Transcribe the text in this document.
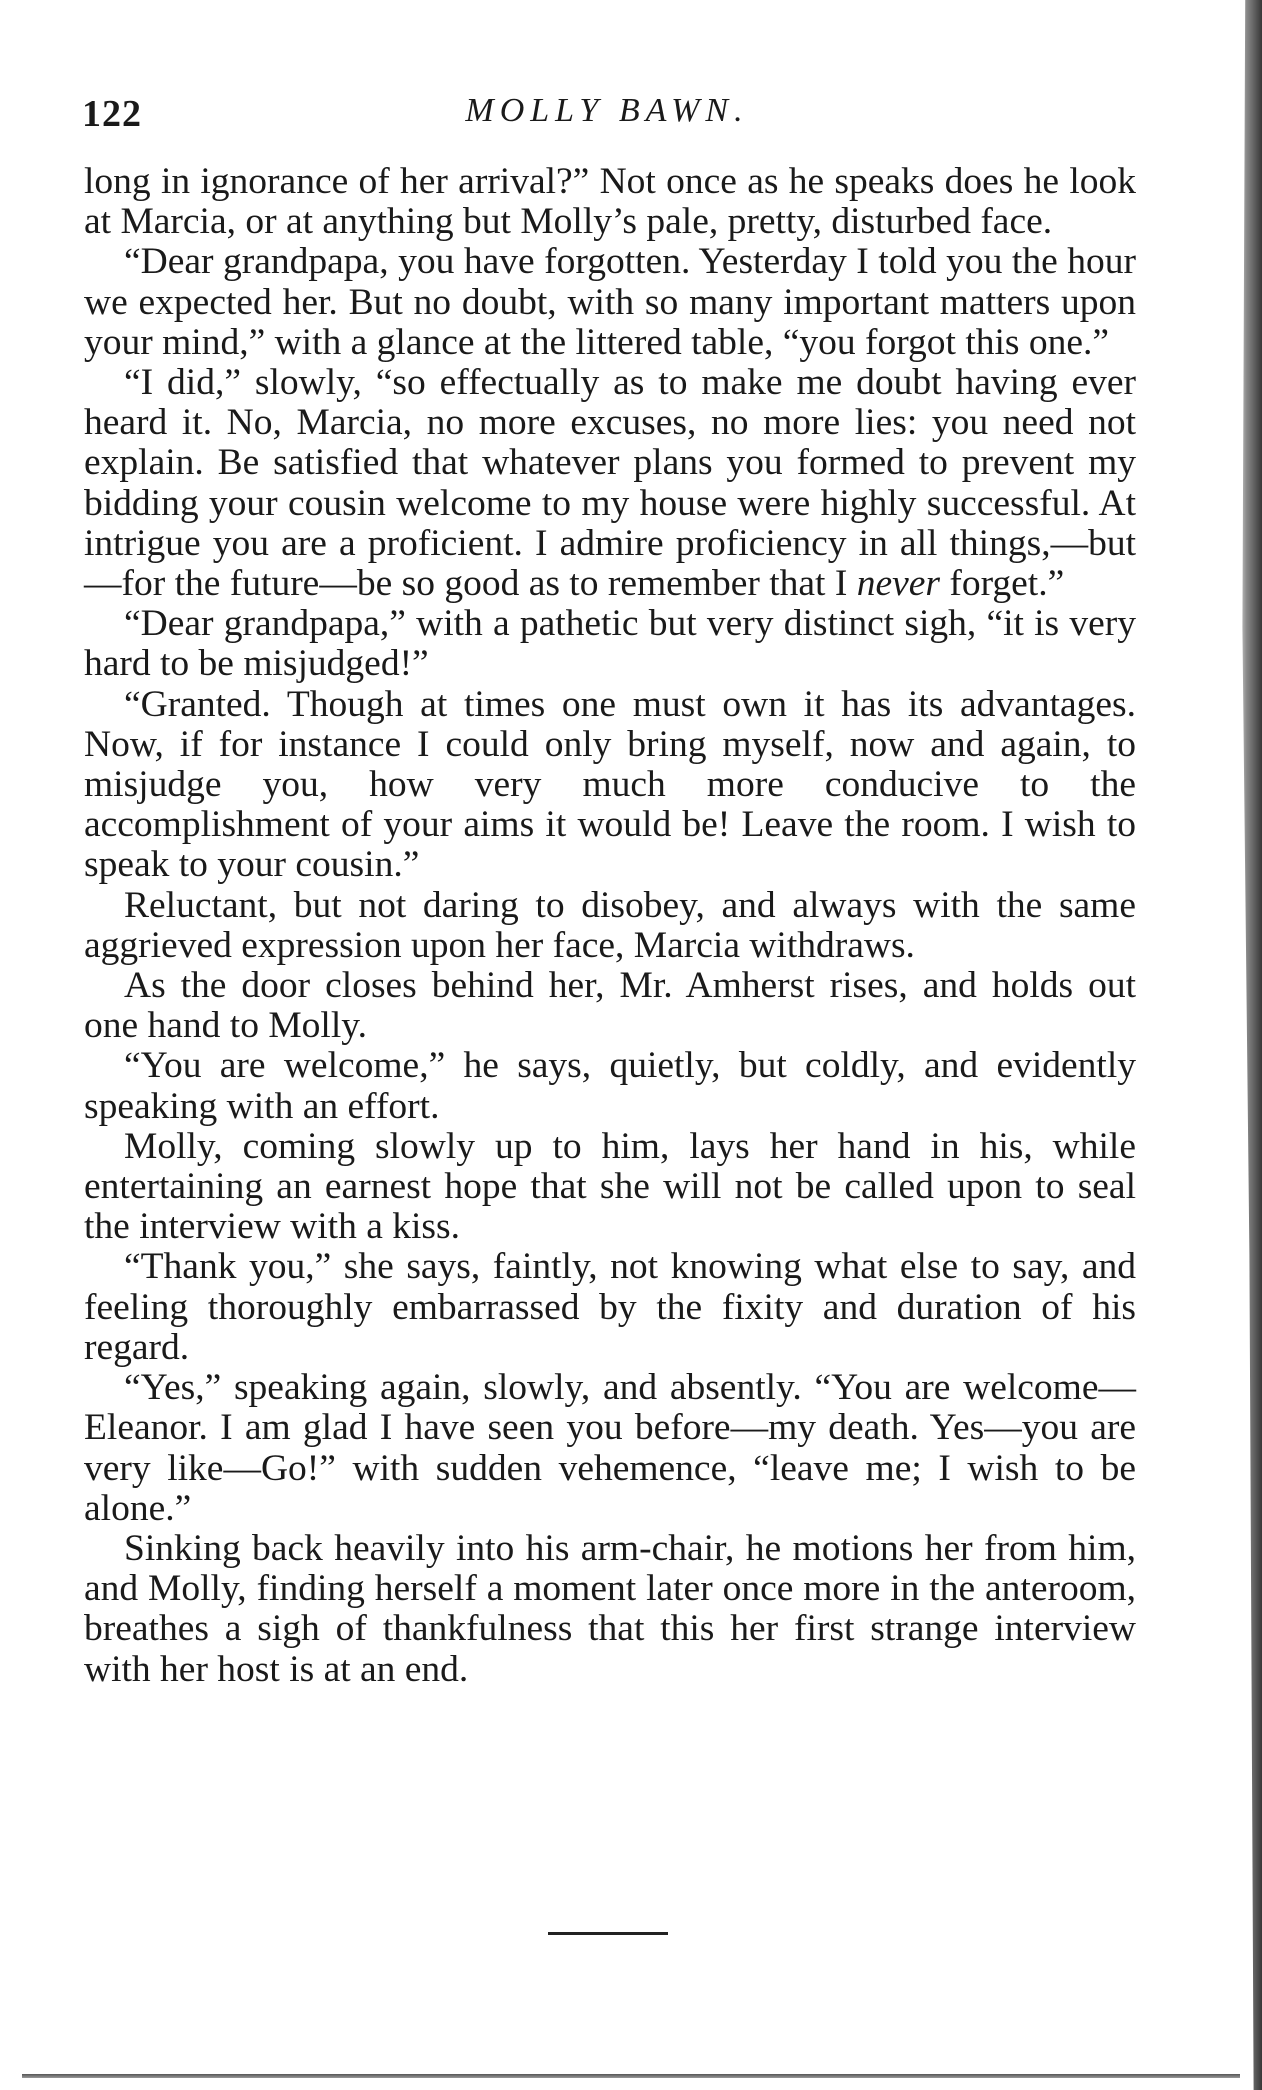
122	MOLLY BAWN.

long in ignorance of her arrival?” Not once as he speaks does he look at Marcia, or at anything but Molly’s pale, pretty, disturbed face.

“Dear grandpapa, you have forgotten. Yesterday I told you the hour we expected her. But no doubt, with so many important matters upon your mind,” with a glance at the littered table, “you forgot this one.”

“I did,” slowly, “so effectually as to make me doubt having ever heard it. No, Marcia, no more excuses, no more lies: you need not explain. Be satisfied that whatever plans you formed to prevent my bidding your cousin welcome to my house were highly successful. At intrigue you are a proficient. I admire proficiency in all things,—but—for the future—be so good as to remember that I never forget.”

“Dear grandpapa,” with a pathetic but very distinct sigh, “it is very hard to be misjudged!”

“Granted. Though at times one must own it has its advantages. Now, if for instance I could only bring myself, now and again, to misjudge you, how very much more conducive to the accomplishment of your aims it would be! Leave the room. I wish to speak to your cousin.”

Reluctant, but not daring to disobey, and always with the same aggrieved expression upon her face, Marcia withdraws.

As the door closes behind her, Mr. Amherst rises, and holds out one hand to Molly.

“You are welcome,” he says, quietly, but coldly, and evidently speaking with an effort.

Molly, coming slowly up to him, lays her hand in his, while entertaining an earnest hope that she will not be called upon to seal the interview with a kiss.

“Thank you,” she says, faintly, not knowing what else to say, and feeling thoroughly embarrassed by the fixity and duration of his regard.

“Yes,” speaking again, slowly, and absently. “You are welcome—Eleanor. I am glad I have seen you before—my death. Yes—you are very like—Go!” with sudden vehemence, “leave me; I wish to be alone.”

Sinking back heavily into his arm-chair, he motions her from him, and Molly, finding herself a moment later once more in the anteroom, breathes a sigh of thankfulness that this her first strange interview with her host is at an end.
